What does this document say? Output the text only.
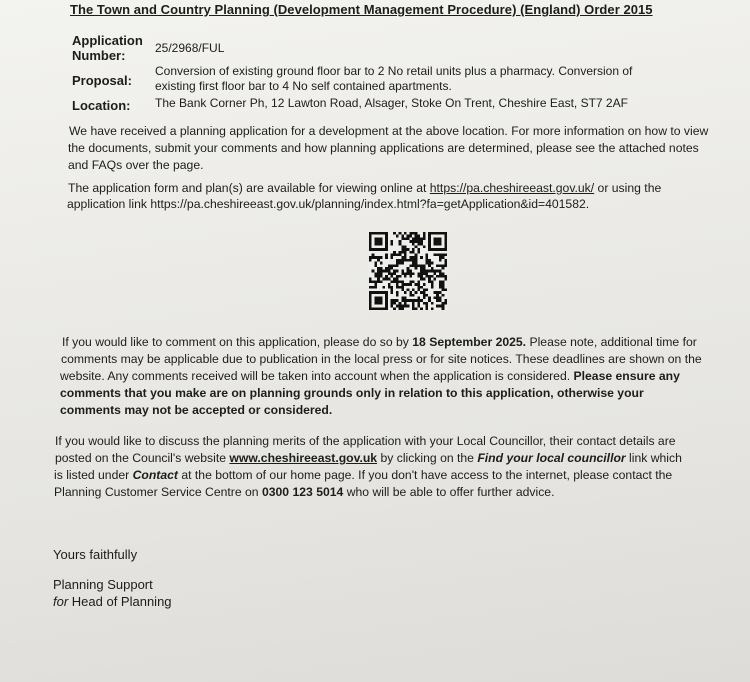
The Town and Country Planning (Development Management Procedure) (England) Order 2015
Application
Number: 25/2968/FUL
Proposal:
Conversion of existing ground floor bar to 2 No retail units plus a pharmacy. Conversion of
existing first floor bar to 4 No self contained apartments.
Location: The Bank Corner Ph, 12 Lawton Road, Alsager, Stoke On Trent, Cheshire East, ST7 2AF
We have received a planning application for a development at the above location. For more information on how to view
the documents, submit your comments and how planning applications are determined, please see the attached notes
and FAQs over the page.
The application form and plan(s) are available for viewing online at https://pa.cheshireeast.gov.uk/ or using the
application link https://pa.cheshireeast.gov.uk/planning/index.html?fa=getApplication&id=401582.
If you would like to comment on this application, please do so by 18 September 2025. Please note, additional time for
comments may be applicable due to publication in the local press or for site notices. These deadlines are shown on the
website. Any comments received will be taken into account when the application is considered. Please ensure any
comments that you make are on planning grounds only in relation to this application, otherwise your
comments may not be accepted or considered.
If you would like to discuss the planning merits of the application with your Local Councillor, their contact details are
posted on the Council's website www.cheshireeast.gov.uk by clicking on the Find your local councillor link which
is listed under Contact at the bottom of our home page. If you don't have access to the internet, please contact the
Planning Customer Service Centre on 0300 123 5014 who will be able to offer further advice.
Yours faithfully
Planning Support
for Head of Planning
